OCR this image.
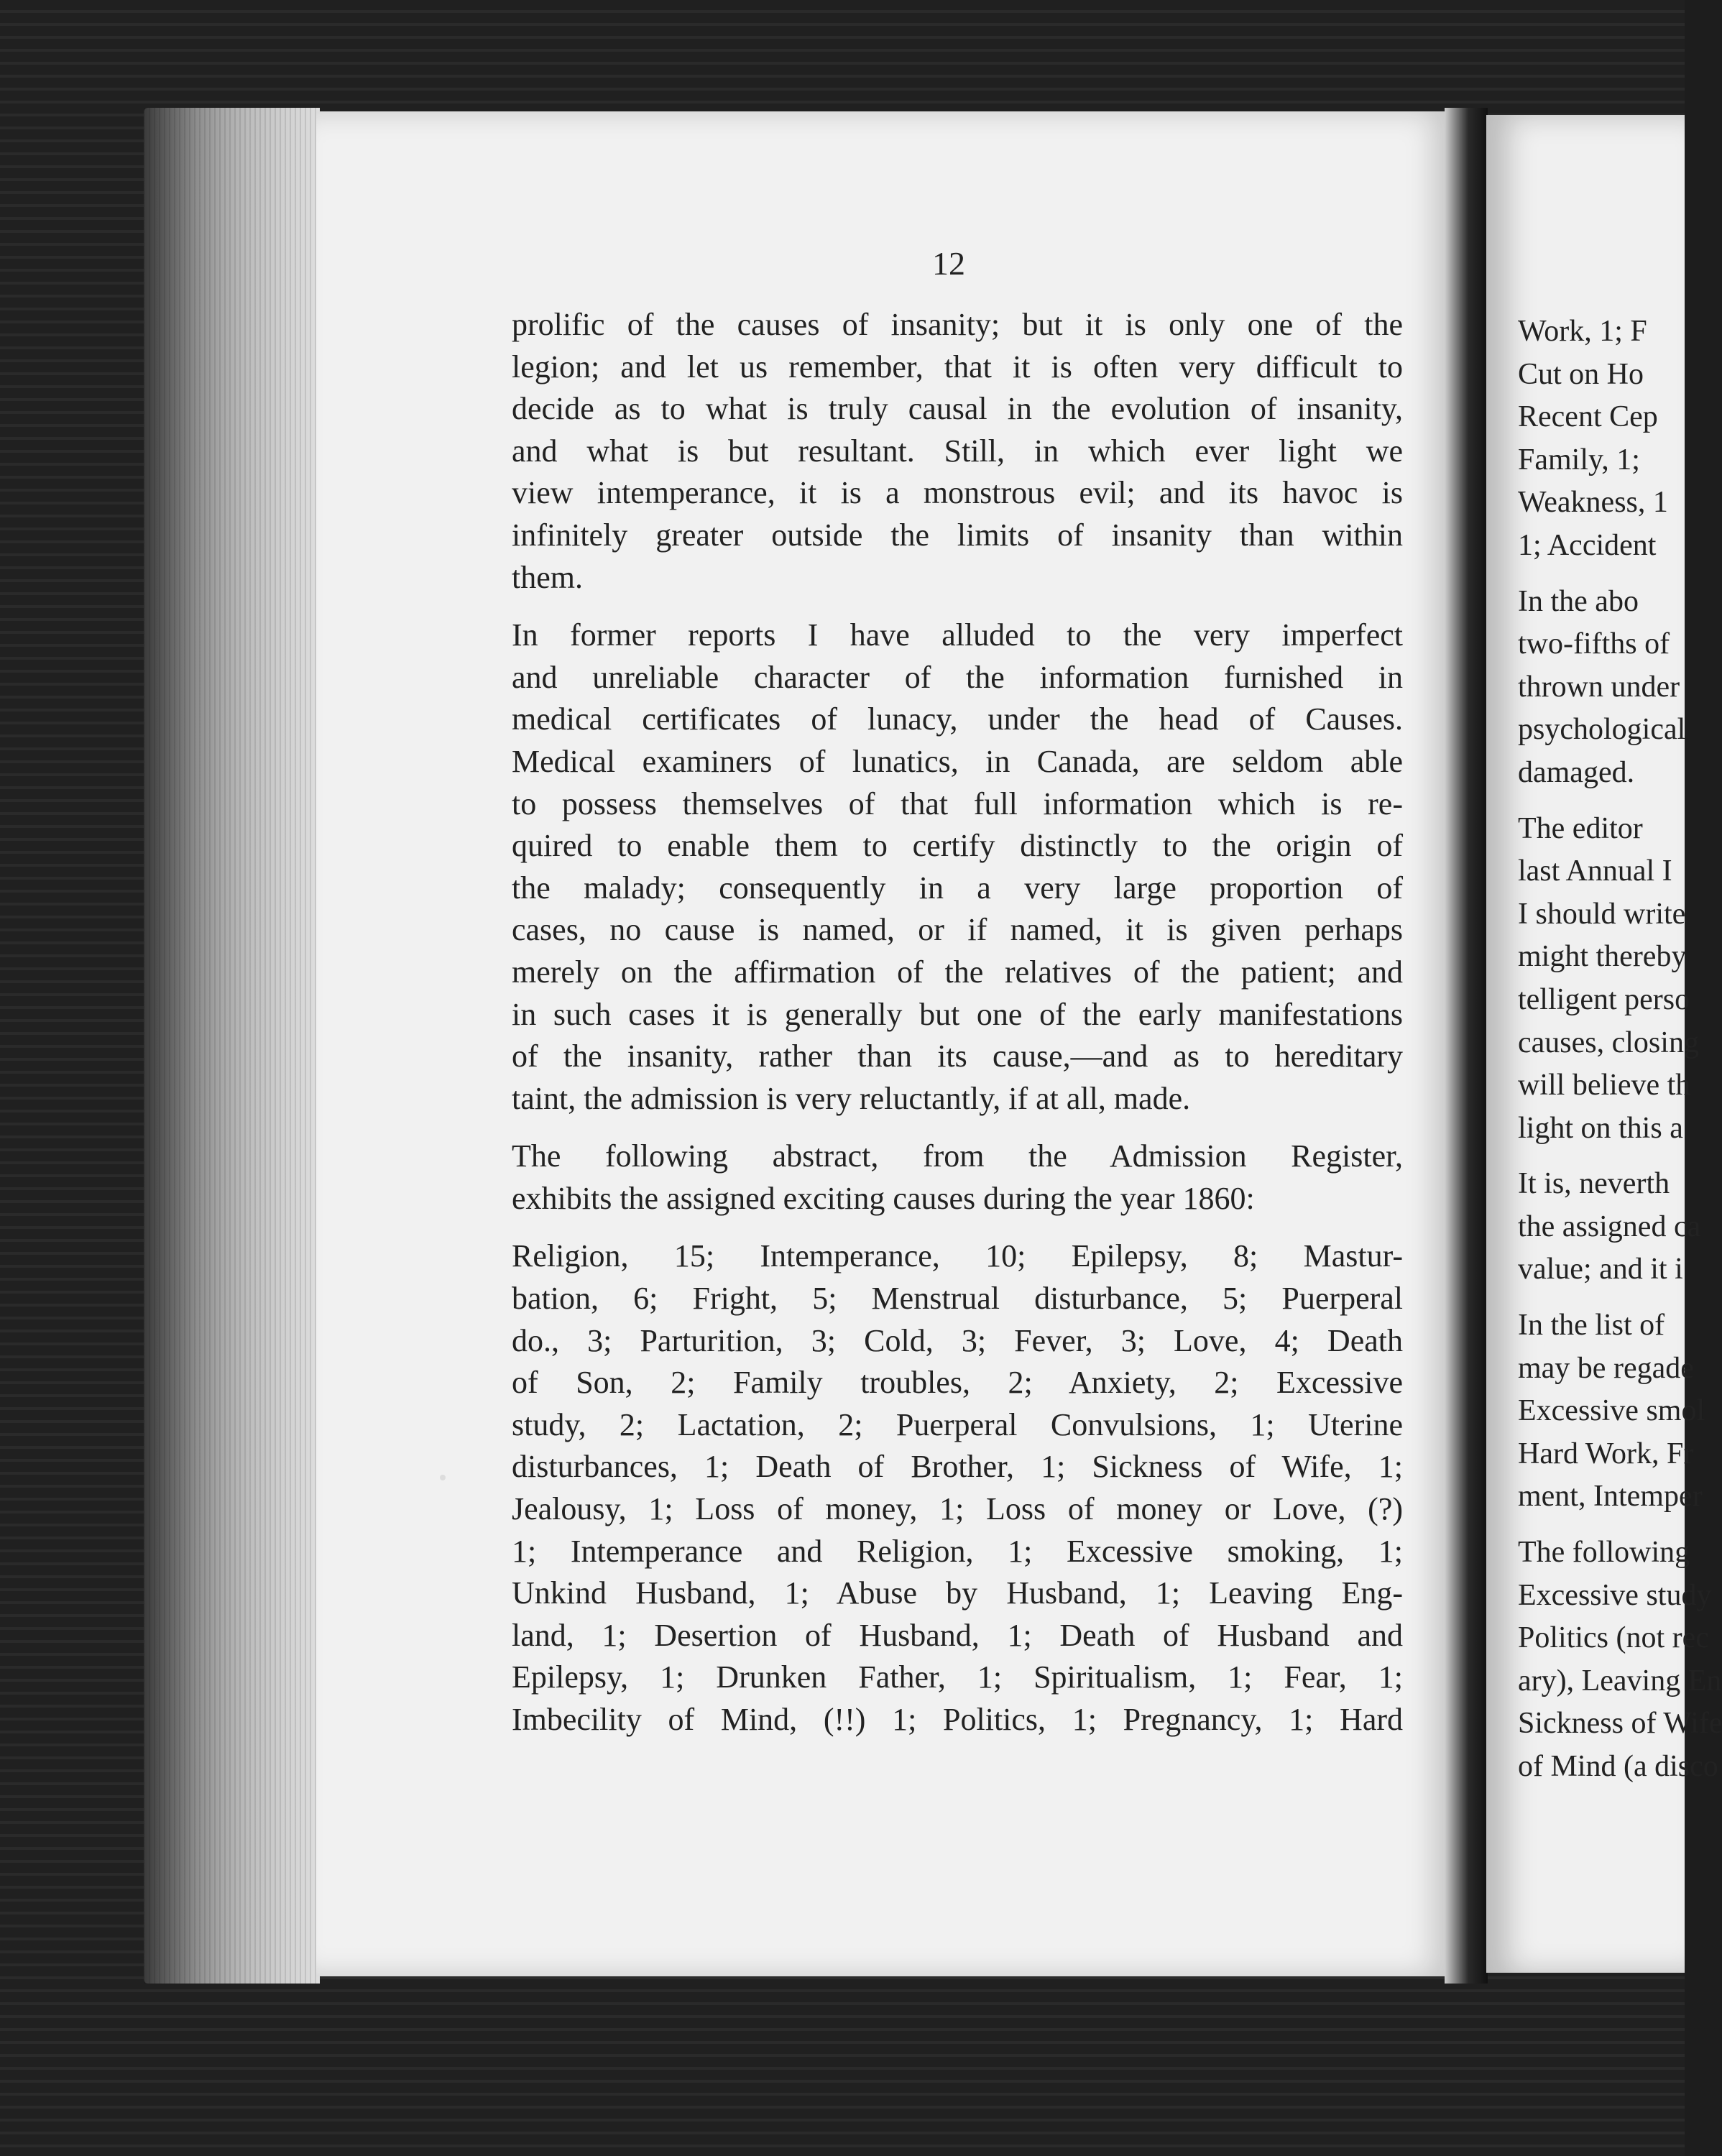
12
prolific of the causes of insanity; but it is only one of the
legion; and let us remember, that it is often very difficult to
decide as to what is truly causal in the evolution of insanity,
and what is but resultant. Still, in which ever light we
view intemperance, it is a monstrous evil; and its havoc is
infinitely greater outside the limits of insanity than within
them.
In former reports I have alluded to the very imperfect
and unreliable character of the information furnished in
medical certificates of lunacy, under the head of Causes.
Medical examiners of lunatics, in Canada, are seldom able
to possess themselves of that full information which is re-
quired to enable them to certify distinctly to the origin of
the malady; consequently in a very large proportion of
cases, no cause is named, or if named, it is given perhaps
merely on the affirmation of the relatives of the patient; and
in such cases it is generally but one of the early manifestations
of the insanity, rather than its cause,—and as to hereditary
taint, the admission is very reluctantly, if at all, made.
The following abstract, from the Admission Register,
exhibits the assigned exciting causes during the year 1860:
Religion, 15; Intemperance, 10; Epilepsy, 8; Mastur-
bation, 6; Fright, 5; Menstrual disturbance, 5; Puerperal
do., 3; Parturition, 3; Cold, 3; Fever, 3; Love, 4; Death
of Son, 2; Family troubles, 2; Anxiety, 2; Excessive
study, 2; Lactation, 2; Puerperal Convulsions, 1; Uterine
disturbances, 1; Death of Brother, 1; Sickness of Wife, 1;
Jealousy, 1; Loss of money, 1; Loss of money or Love, (?)
1; Intemperance and Religion, 1; Excessive smoking, 1;
Unkind Husband, 1; Abuse by Husband, 1; Leaving Eng-
land, 1; Desertion of Husband, 1; Death of Husband and
Epilepsy, 1; Drunken Father, 1; Spiritualism, 1; Fear, 1;
Imbecility of Mind, (!!) 1; Politics, 1; Pregnancy, 1; Hard
Work, 1; F
Cut on Ho
Recent Cep
Family, 1;
Weakness, 1
1; Accident
In the abo
two-fifths of
thrown under
psychological
damaged.
The editor
last Annual I
I should write
might thereby
telligent perso
causes, closing
will believe th
light on this a
It is, neverth
the assigned ca
value; and it i
In the list of
may be regade
Excessive smol
Hard Work, Fr
ment, Intemper
The following
Excessive study
Politics (not rec
ary), Leaving En
Sickness of Wife
of Mind (a disco
